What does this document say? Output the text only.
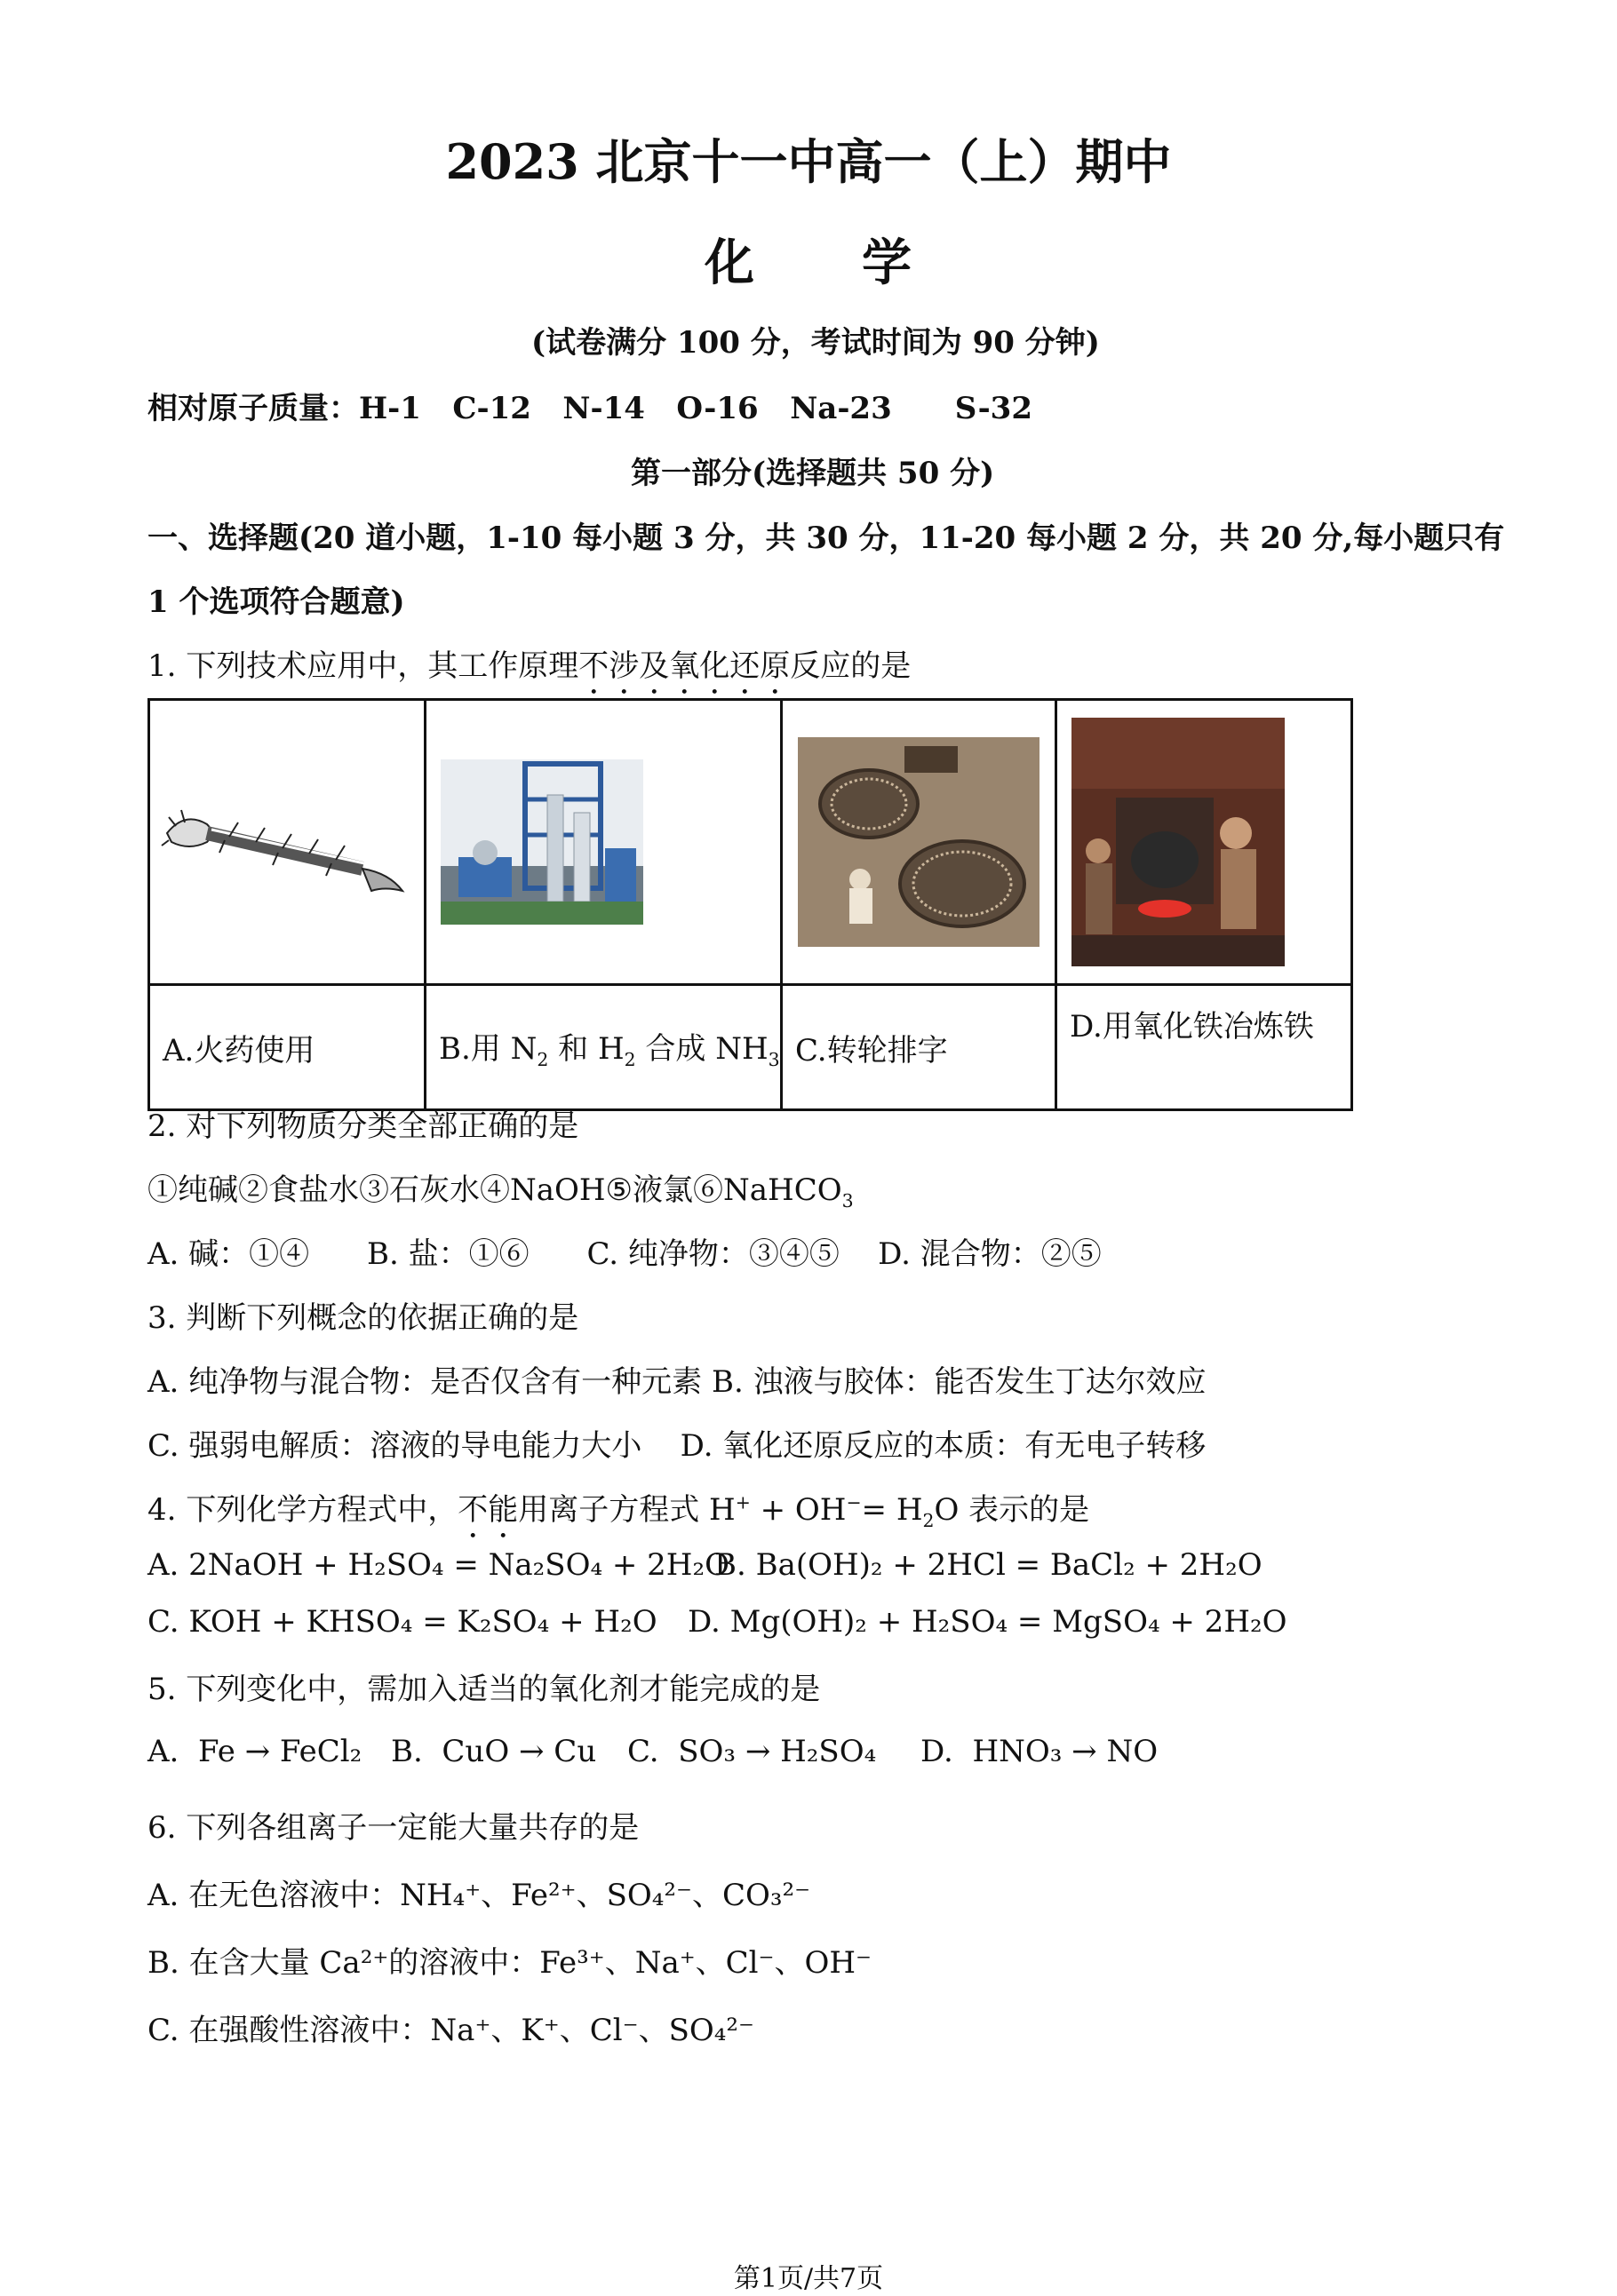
2023 北京十一中高一（上）期中
化 学
(试卷满分 100 分，考试时间为 90 分钟)
相对原子质量：H-1   C-12   N-14   O-16   Na-23      S-32
第一部分(选择题共 50 分)
一、选择题(20 道小题，1-10 每小题 3 分，共 30 分，11-20 每小题 2 分，共 20 分,每小题只有
1 个选项符合题意)
1. 下列技术应用中，其工作原理不涉及氧化还原反应的是

A.火药使用	B.用 $N_2$ 和 $H_2$ 合成 $NH_3$	C.转轮排字	D.用氧化铁冶炼铁
2. 对下列物质分类全部正确的是
①纯碱②食盐水③石灰水④NaOH⑤液氯⑥NaHCO$_3$
A. 碱：①④      B. 盐：①⑥      C. 纯净物：③④⑤    D. 混合物：②⑤
3. 判断下列概念的依据正确的是
A. 纯净物与混合物：是否仅含有一种元素 B. 浊液与胶体：能否发生丁达尔效应
C. 强弱电解质：溶液的导电能力大小    D. 氧化还原反应的本质：有无电子转移
4. 下列化学方程式中，不能用离子方程式 $H^+ + OH^-= H_2O$ 表示的是
A. 2NaOH + H₂SO₄ = Na₂SO₄ + 2H₂O
B. Ba(OH)₂ + 2HCl = BaCl₂ + 2H₂O
C. KOH + KHSO₄ = K₂SO₄ + H₂O D. Mg(OH)₂ + H₂SO₄ = MgSO₄ + 2H₂O
5. 下列变化中，需加入适当的氧化剂才能完成的是
A.  Fe → FeCl₂ B.  CuO → Cu C.  SO₃ → H₂SO₄ D.  HNO₃ → NO
6. 下列各组离子一定能大量共存的是
A. 在无色溶液中：NH₄⁺、Fe²⁺、SO₄²⁻、CO₃²⁻
B. 在含大量 Ca²⁺的溶液中：Fe³⁺、Na⁺、Cl⁻、OH⁻
C. 在强酸性溶液中：Na⁺、K⁺、Cl⁻、SO₄²⁻
第1页/共7页
